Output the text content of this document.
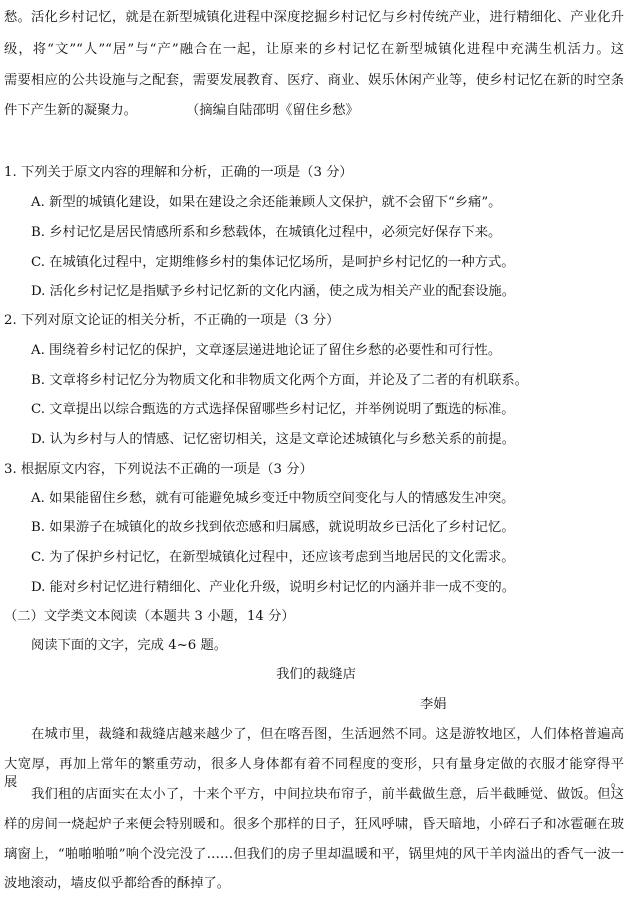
愁。活化乡村记忆，就是在新型城镇化进程中深度挖掘乡村记忆与乡村传统产业，进行精细化、产业化升
级，将“文”“人”“居”与“产”融合在一起，让原来的乡村记忆在新型城镇化进程中充满生机活力。这
需要相应的公共设施与之配套，需要发展教育、医疗、商业、娱乐休闲产业等，使乡村记忆在新的时空条
件下产生新的凝聚力。	（摘编自陆邵明《留住乡愁》
1. 下列关于原文内容的理解和分析，正确的一项是（3 分）
A. 新型的城镇化建设，如果在建设之余还能兼顾人文保护，就不会留下“乡痛”。
B. 乡村记忆是居民情感所系和乡愁载体，在城镇化过程中，必须完好保存下来。
C. 在城镇化过程中，定期维修乡村的集体记忆场所，是呵护乡村记忆的一种方式。
D. 活化乡村记忆是指赋予乡村记忆新的文化内涵，使之成为相关产业的配套设施。
2. 下列对原文论证的相关分析，不正确的一项是（3 分）
A. 围绕着乡村记忆的保护，文章逐层递进地论证了留住乡愁的必要性和可行性。
B. 文章将乡村记忆分为物质文化和非物质文化两个方面，并论及了二者的有机联系。
C. 文章提出以综合甄选的方式选择保留哪些乡村记忆，并举例说明了甄选的标准。
D. 认为乡村与人的情感、记忆密切相关，这是文章论述城镇化与乡愁关系的前提。
3. 根据原文内容，下列说法不正确的一项是（3 分）
A. 如果能留住乡愁，就有可能避免城乡变迁中物质空间变化与人的情感发生冲突。
B. 如果游子在城镇化的故乡找到依恋感和归属感，就说明故乡已活化了乡村记忆。
C. 为了保护乡村记忆，在新型城镇化过程中，还应该考虑到当地居民的文化需求。
D. 能对乡村记忆进行精细化、产业化升级，说明乡村记忆的内涵并非一成不变的。
（二）文学类文本阅读（本题共 3 小题，14 分）
阅读下面的文字，完成 4~6 题。
我们的裁缝店
李娟
在城市里，裁缝和裁缝店越来越少了，但在喀吾图，生活迥然不同。这是游牧地区，人们体格普遍高
大宽厚，再加上常年的繁重劳动，很多人身体都有着不同程度的变形，只有量身定做的衣服才能穿得平展。
我们租的店面实在太小了，十来个平方，中间拉块布帘子，前半截做生意，后半截睡觉、做饭。但这
样的房间一烧起炉子来便会特别暖和。很多个那样的日子，狂风呼啸，昏天暗地，小碎石子和冰雹砸在玻
璃窗上，“啪啪啪啪”响个没完没了……但我们的房子里却温暖和平，锅里炖的风干羊肉溢出的香气一波一
波地滚动，墙皮似乎都给香的酥掉了。
